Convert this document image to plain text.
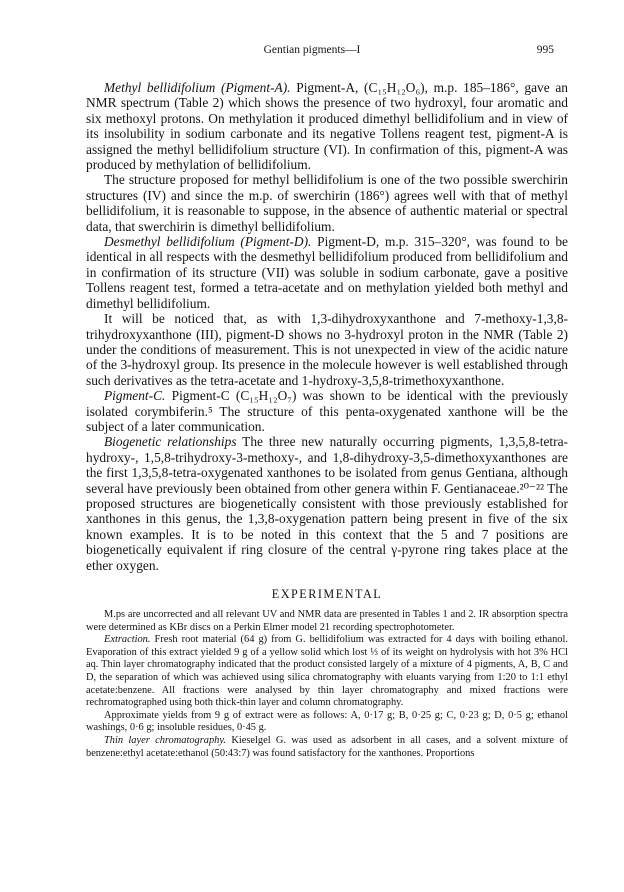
Gentian pigments—I	995

Methyl bellidifolium (Pigment-A). Pigment-A, (C₁₅H₁₂O₆), m.p. 185–186°, gave an NMR spectrum (Table 2) which shows the presence of two hydroxyl, four aromatic and six methoxyl protons. On methylation it produced dimethyl bellidifolium and in view of its insolubility in sodium carbonate and its negative Tollens reagent test, pigment-A is assigned the methyl bellidifolium structure (VI). In confirmation of this, pigment-A was produced by methylation of bellidifolium.

The structure proposed for methyl bellidifolium is one of the two possible swerchirin structures (IV) and since the m.p. of swerchirin (186°) agrees well with that of methyl bellidifolium, it is reasonable to suppose, in the absence of authentic material or spectral data, that swerchirin is dimethyl bellidifolium.

Desmethyl bellidifolium (Pigment-D). Pigment-D, m.p. 315–320°, was found to be identical in all respects with the desmethyl bellidifolium produced from bellidifolium and in confirmation of its structure (VII) was soluble in sodium carbonate, gave a positive Tollens reagent test, formed a tetra-acetate and on methylation yielded both methyl and dimethyl bellidifolium.

It will be noticed that, as with 1,3-dihydroxyxanthone and 7-methoxy-1,3,8-trihydroxyxanthone (III), pigment-D shows no 3-hydroxyl proton in the NMR (Table 2) under the conditions of measurement. This is not unexpected in view of the acidic nature of the 3-hydroxyl group. Its presence in the molecule however is well established through such derivatives as the tetra-acetate and 1-hydroxy-3,5,8-trimethoxyxanthone.

Pigment-C. Pigment-C (C₁₅H₁₂O₇) was shown to be identical with the previously isolated corymbiferin.⁵ The structure of this penta-oxygenated xanthone will be the subject of a later communication.

Biogenetic relationships The three new naturally occurring pigments, 1,3,5,8-tetra-hydroxy-, 1,5,8-trihydroxy-3-methoxy-, and 1,8-dihydroxy-3,5-dimethoxyxanthones are the first 1,3,5,8-tetra-oxygenated xanthones to be isolated from genus Gentiana, although several have previously been obtained from other genera within F. Gentianaceae.²⁰⁻²² The proposed structures are biogenetically consistent with those previously established for xanthones in this genus, the 1,3,8-oxygenation pattern being present in five of the six known examples. It is to be noted in this context that the 5 and 7 positions are biogenetically equivalent if ring closure of the central γ-pyrone ring takes place at the ether oxygen.

EXPERIMENTAL

M.ps are uncorrected and all relevant UV and NMR data are presented in Tables 1 and 2. IR absorption spectra were determined as KBr discs on a Perkin Elmer model 21 recording spectrophotometer.

Extraction. Fresh root material (64 g) from G. bellidifolium was extracted for 4 days with boiling ethanol. Evaporation of this extract yielded 9 g of a yellow solid which lost ⅓ of its weight on hydrolysis with hot 3% HCl aq. Thin layer chromatography indicated that the product consisted largely of a mixture of 4 pigments, A, B, C and D, the separation of which was achieved using silica chromatography with eluants varying from 1:20 to 1:1 ethyl acetate:benzene. All fractions were analysed by thin layer chromatography and mixed fractions were rechromatographed using both thick-thin layer and column chromatography.

Approximate yields from 9 g of extract were as follows: A, 0·17 g; B, 0·25 g; C, 0·23 g; D, 0·5 g; ethanol washings, 0·6 g; insoluble residues, 0·45 g.

Thin layer chromatography. Kieselgel G. was used as adsorbent in all cases, and a solvent mixture of benzene:ethyl acetate:ethanol (50:43:7) was found satisfactory for the xanthones. Proportions
